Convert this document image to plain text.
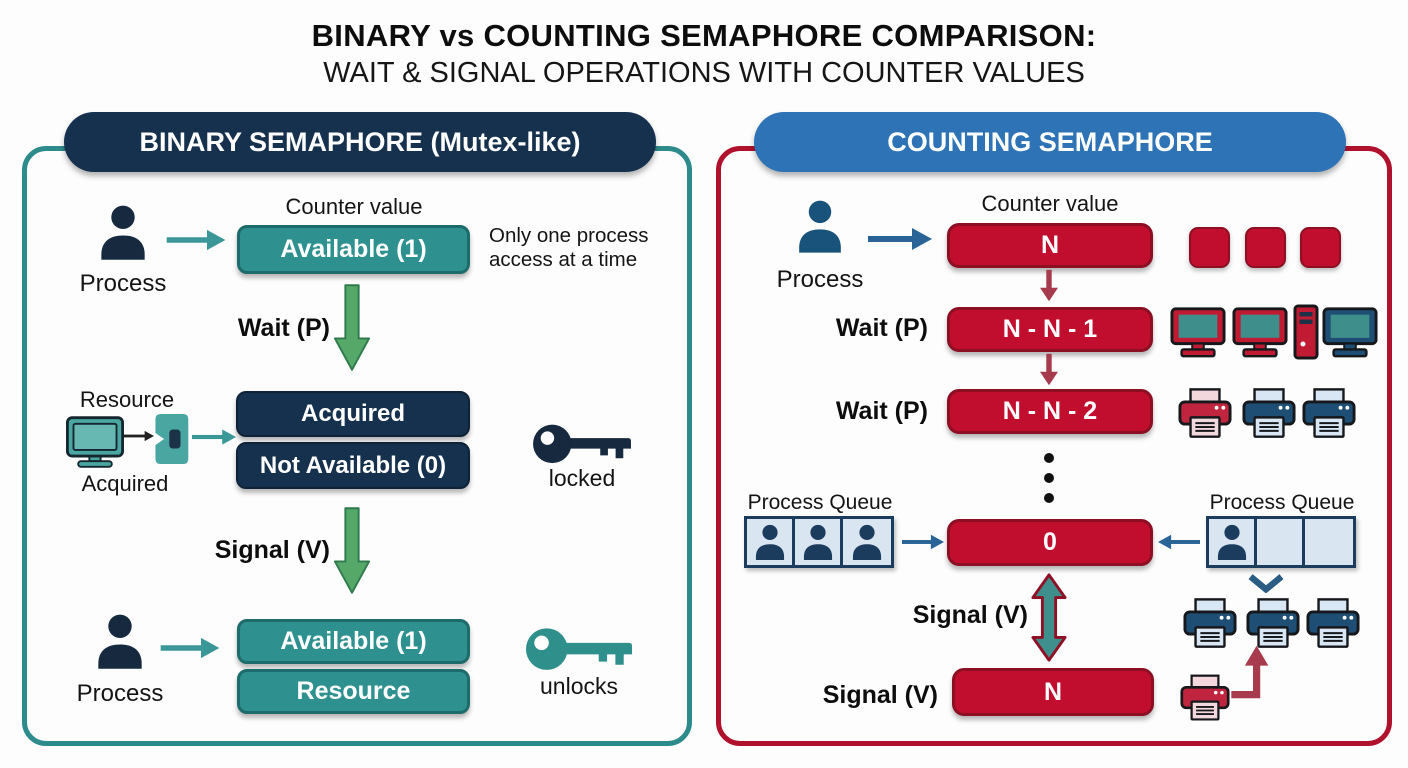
BINARY vs COUNTING SEMAPHORE COMPARISON:
WAIT & SIGNAL OPERATIONS WITH COUNTER VALUES
BINARY SEMAPHORE (Mutex-like)	COUNTING SEMAPHORE
Process
Counter value
Available (1)	Only one process access at a time
Wait (P)
Acquired
Not Available (0)
Resource
Acquired	locked
Signal (V)
Process
Available (1)
Resource	unlocks
Process
Counter value
N
Wait (P)	N - N - 1
Wait (P)	N - N - 2
Process Queue
0
Process Queue
Signal (V)
Signal (V)	N
